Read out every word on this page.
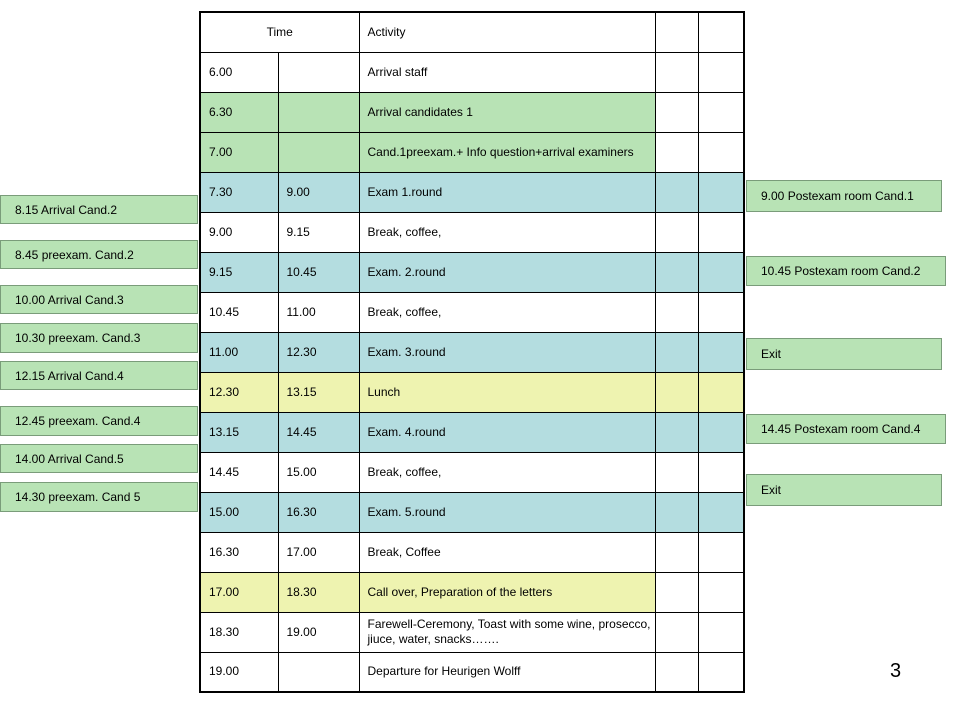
Time		Activity		
6.00		Arrival staff		
6.30		Arrival candidates 1		
7.00		Cand.1preexam.+ Info question+arrival examiners		
7.30	9.00	Exam 1.round		
9.00	9.15	Break, coffee,		
9.15	10.45	Exam. 2.round		
10.45	11.00	Break, coffee,		
11.00	12.30	Exam. 3.round		
12.30	13.15	Lunch		
13.15	14.45	Exam. 4.round		
14.45	15.00	Break, coffee,		
15.00	16.30	Exam. 5.round		
16.30	17.00	Break, Coffee		
17.00	18.30	Call over, Preparation of the letters		
18.30	19.00	Farewell-Ceremony, Toast with some wine, prosecco, jiuce, water, snacks…….		
19.00		Departure for Heurigen Wolff		
8.15 Arrival Cand.2
8.45 preexam. Cand.2
10.00 Arrival Cand.3
10.30 preexam. Cand.3
12.15 Arrival Cand.4
12.45 preexam. Cand.4
14.00 Arrival Cand.5
14.30 preexam. Cand 5
9.00 Postexam room Cand.1
10.45 Postexam room Cand.2
Exit
14.45 Postexam room Cand.4
Exit
3
